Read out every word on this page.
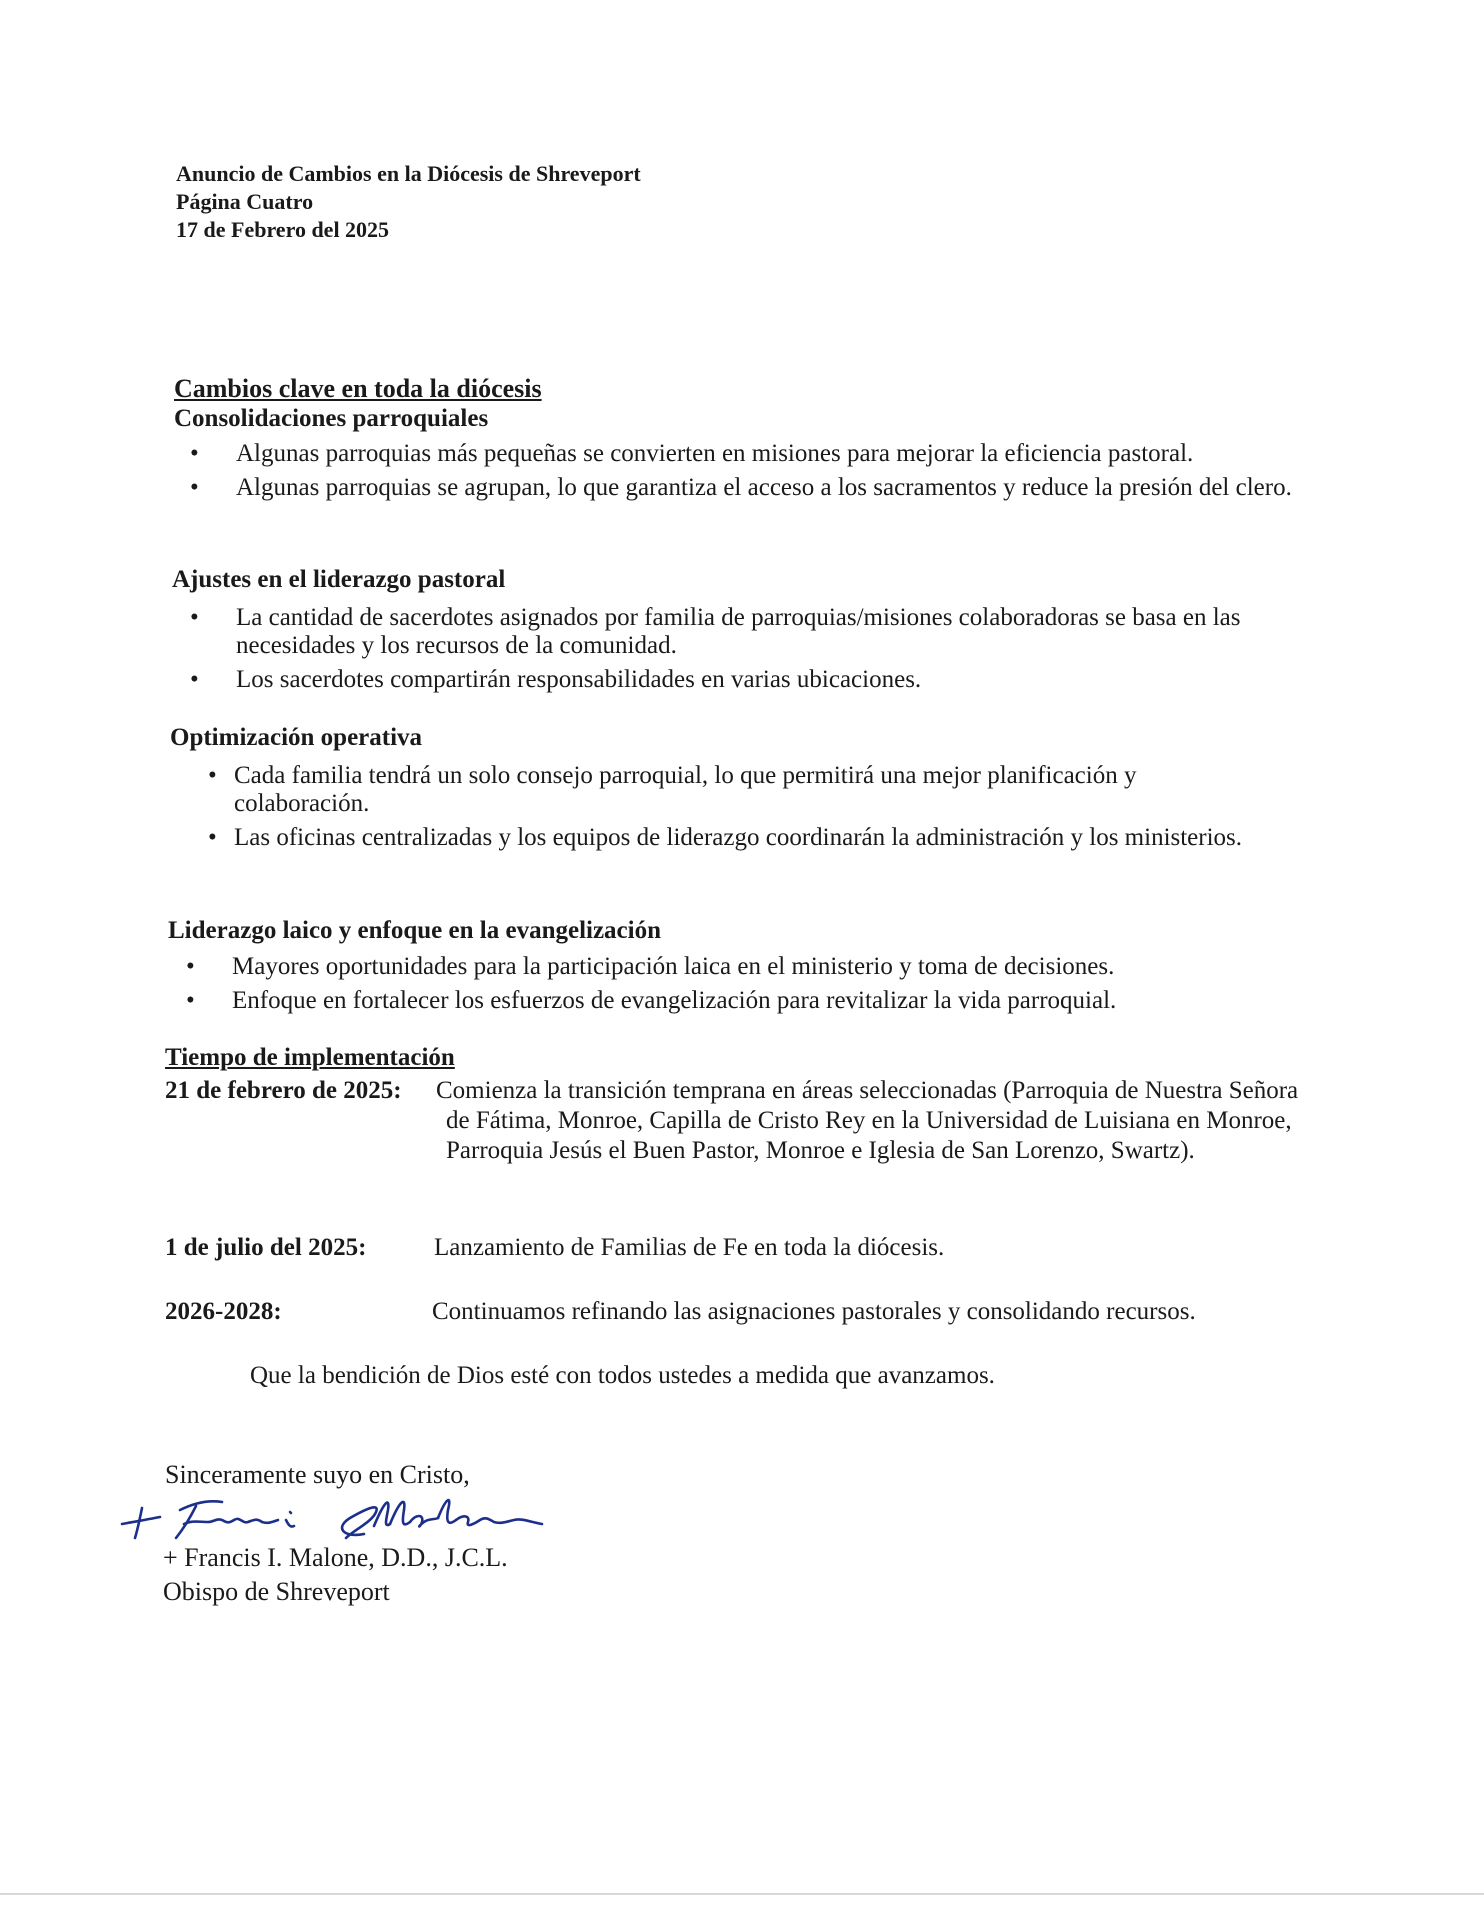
Anuncio de Cambios en la Diócesis de Shreveport
Página Cuatro
17 de Febrero del 2025
Cambios clave en toda la diócesis
Consolidaciones parroquiales
• Algunas parroquias más pequeñas se convierten en misiones para mejorar la eficiencia pastoral.
• Algunas parroquias se agrupan, lo que garantiza el acceso a los sacramentos y reduce la presión del clero.
Ajustes en el liderazgo pastoral
• La cantidad de sacerdotes asignados por familia de parroquias/misiones colaboradoras se basa en las necesidades y los recursos de la comunidad.
• Los sacerdotes compartirán responsabilidades en varias ubicaciones.
Optimización operativa
• Cada familia tendrá un solo consejo parroquial, lo que permitirá una mejor planificación y colaboración.
• Las oficinas centralizadas y los equipos de liderazgo coordinarán la administración y los ministerios.
Liderazgo laico y enfoque en la evangelización
• Mayores oportunidades para la participación laica en el ministerio y toma de decisiones.
• Enfoque en fortalecer los esfuerzos de evangelización para revitalizar la vida parroquial.
Tiempo de implementación
21 de febrero de 2025: Comienza la transición temprana en áreas seleccionadas (Parroquia de Nuestra Señora de Fátima, Monroe, Capilla de Cristo Rey en la Universidad de Luisiana en Monroe, Parroquia Jesús el Buen Pastor, Monroe e Iglesia de San Lorenzo, Swartz).
1 de julio del 2025:	Lanzamiento de Familias de Fe en toda la diócesis.
2026-2028:	Continuamos refinando las asignaciones pastorales y consolidando recursos.
Que la bendición de Dios esté con todos ustedes a medida que avanzamos.
Sinceramente suyo en Cristo,
+ Francis I. Malone, D.D., J.C.L.
Obispo de Shreveport
